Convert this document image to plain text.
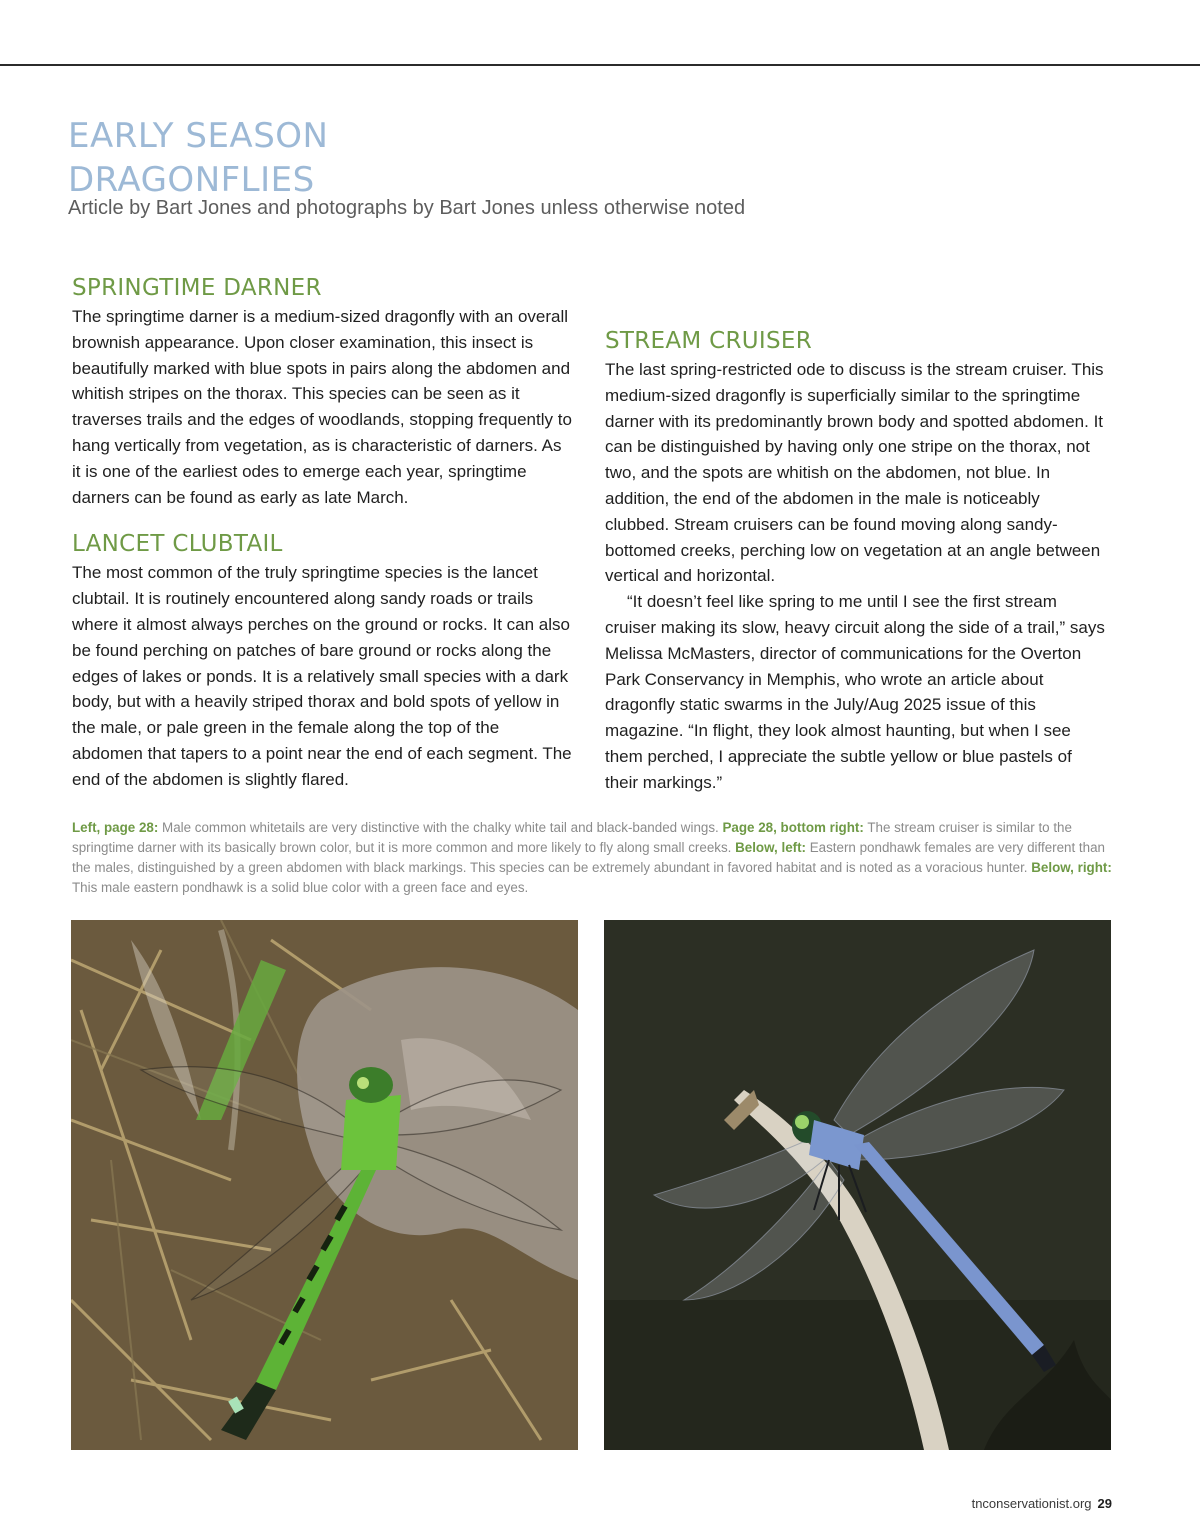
EARLY SEASON
DRAGONFLIES

Article by Bart Jones and photographs by Bart Jones unless otherwise noted

SPRINGTIME DARNER

The springtime darner is a medium-sized dragonfly with an overall brownish appearance. Upon closer examination, this insect is beautifully marked with blue spots in pairs along the abdomen and whitish stripes on the thorax. This species can be seen as it traverses trails and the edges of woodlands, stopping frequently to hang vertically from vegetation, as is characteristic of darners. As it is one of the earliest odes to emerge each year, springtime darners can be found as early as late March.

LANCET CLUBTAIL

The most common of the truly springtime species is the lancet clubtail. It is routinely encountered along sandy roads or trails where it almost always perches on the ground or rocks. It can also be found perching on patches of bare ground or rocks along the edges of lakes or ponds. It is a relatively small species with a dark body, but with a heavily striped thorax and bold spots of yellow in the male, or pale green in the female along the top of the abdomen that tapers to a point near the end of each segment. The end of the abdomen is slightly flared.

STREAM CRUISER

The last spring-restricted ode to discuss is the stream cruiser. This medium-sized dragonfly is superficially similar to the springtime darner with its predominantly brown body and spotted abdomen. It can be distinguished by having only one stripe on the thorax, not two, and the spots are whitish on the abdomen, not blue. In addition, the end of the abdomen in the male is noticeably clubbed. Stream cruisers can be found moving along sandy-bottomed creeks, perching low on vegetation at an angle between vertical and horizontal.

“It doesn’t feel like spring to me until I see the first stream cruiser making its slow, heavy circuit along the side of a trail,” says Melissa McMasters, director of communications for the Overton Park Conservancy in Memphis, who wrote an article about dragonfly static swarms in the July/Aug 2025 issue of this magazine. “In flight, they look almost haunting, but when I see them perched, I appreciate the subtle yellow or blue pastels of their markings.”

Left, page 28: Male common whitetails are very distinctive with the chalky white tail and black-banded wings. Page 28, bottom right: The stream cruiser is similar to the springtime darner with its basically brown color, but it is more common and more likely to fly along small creeks. Below, left: Eastern pondhawk females are very different than the males, distinguished by a green abdomen with black markings. This species can be extremely abundant in favored habitat and is noted as a voracious hunter. Below, right: This male eastern pondhawk is a solid blue color with a green face and eyes.

tnconservationist.org 29
